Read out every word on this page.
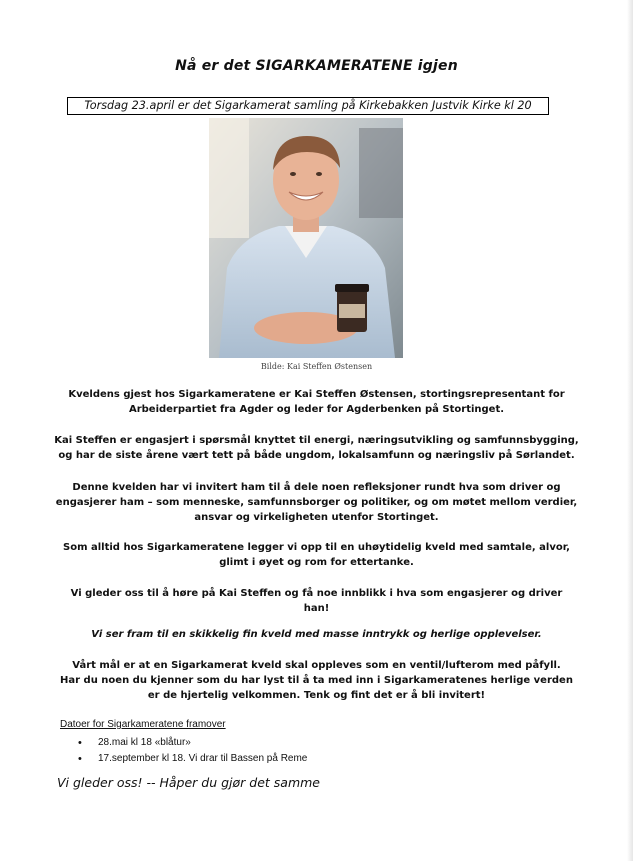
Nå er det SIGARKAMERATENE igjen
Torsdag 23.april er det Sigarkamerat samling på Kirkebakken Justvik Kirke kl 20
Bilde: Kai Steffen Østensen
Kveldens gjest hos Sigarkameratene er Kai Steffen Østensen, stortingsrepresentant for
Arbeiderpartiet fra Agder og leder for Agderbenken på Stortinget.
Kai Steffen er engasjert i spørsmål knyttet til energi, næringsutvikling og samfunnsbygging,
og har de siste årene vært tett på både ungdom, lokalsamfunn og næringsliv på Sørlandet.
Denne kvelden har vi invitert ham til å dele noen refleksjoner rundt hva som driver og
engasjerer ham – som menneske, samfunnsborger og politiker, og om møtet mellom verdier,
ansvar og virkeligheten utenfor Stortinget.
Som alltid hos Sigarkameratene legger vi opp til en uhøytidelig kveld med samtale, alvor,
glimt i øyet og rom for ettertanke.
Vi gleder oss til å høre på Kai Steffen og få noe innblikk i hva som engasjerer og driver
han!
Vi ser fram til en skikkelig fin kveld med masse inntrykk og herlige opplevelser.
Vårt mål er at en Sigarkamerat kveld skal oppleves som en ventil/lufterom med påfyll.
Har du noen du kjenner som du har lyst til å ta med inn i Sigarkameratenes herlige verden
er de hjertelig velkommen. Tenk og fint det er å bli invitert!
Datoer for Sigarkameratene framover
• 28.mai kl 18 «blåtur»
• 17.september kl 18. Vi drar til Bassen på Reme
Vi gleder oss! -- Håper du gjør det samme
